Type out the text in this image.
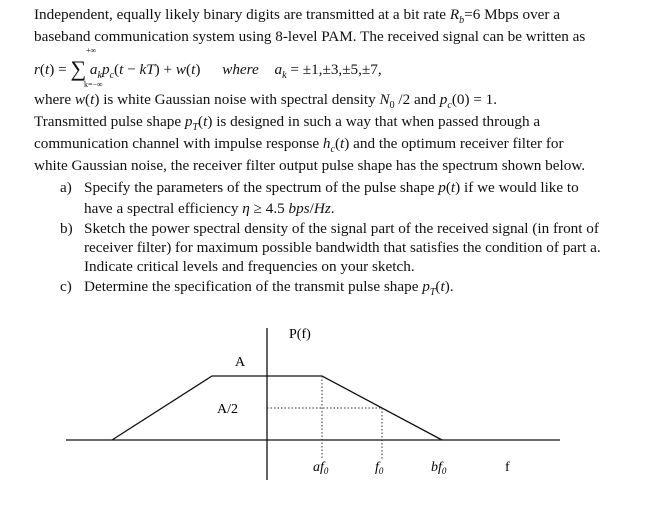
Independent, equally likely binary digits are transmitted at a bit rate $R_b=6$ Mbps over a
baseband communication system using 8-level PAM. The received signal can be written as
r(t) = ∑
+∞
k=−∞
$a_kp_c(t - kT) + w(t)$ where $a_k = \pm 1,\pm 3,\pm 5,\pm 7$,
where w(t) is white Gaussian noise with spectral density $N_0$ /2 and $p_c(0) = 1$.
Transmitted pulse shape $p_T(t)$ is designed in such a way that when passed through a
communication channel with impulse response $h_c(t)$ and the optimum receiver filter for
white Gaussian noise, the receiver filter output pulse shape has the spectrum shown below.
a) Specify the parameters of the spectrum of the pulse shape p(t) if we would like to
have a spectral efficiency η ≥ 4.5 bps/Hz.
b) Sketch the power spectral density of the signal part of the received signal (in front of
receiver filter) for maximum possible bandwidth that satisfies the condition of part a.
Indicate critical levels and frequencies on your sketch.
c) Determine the specification of the transmit pulse shape $p_T(t)$.
P(f)
A
A/2
$af_0$	$f_0$	$bf_0$	f
